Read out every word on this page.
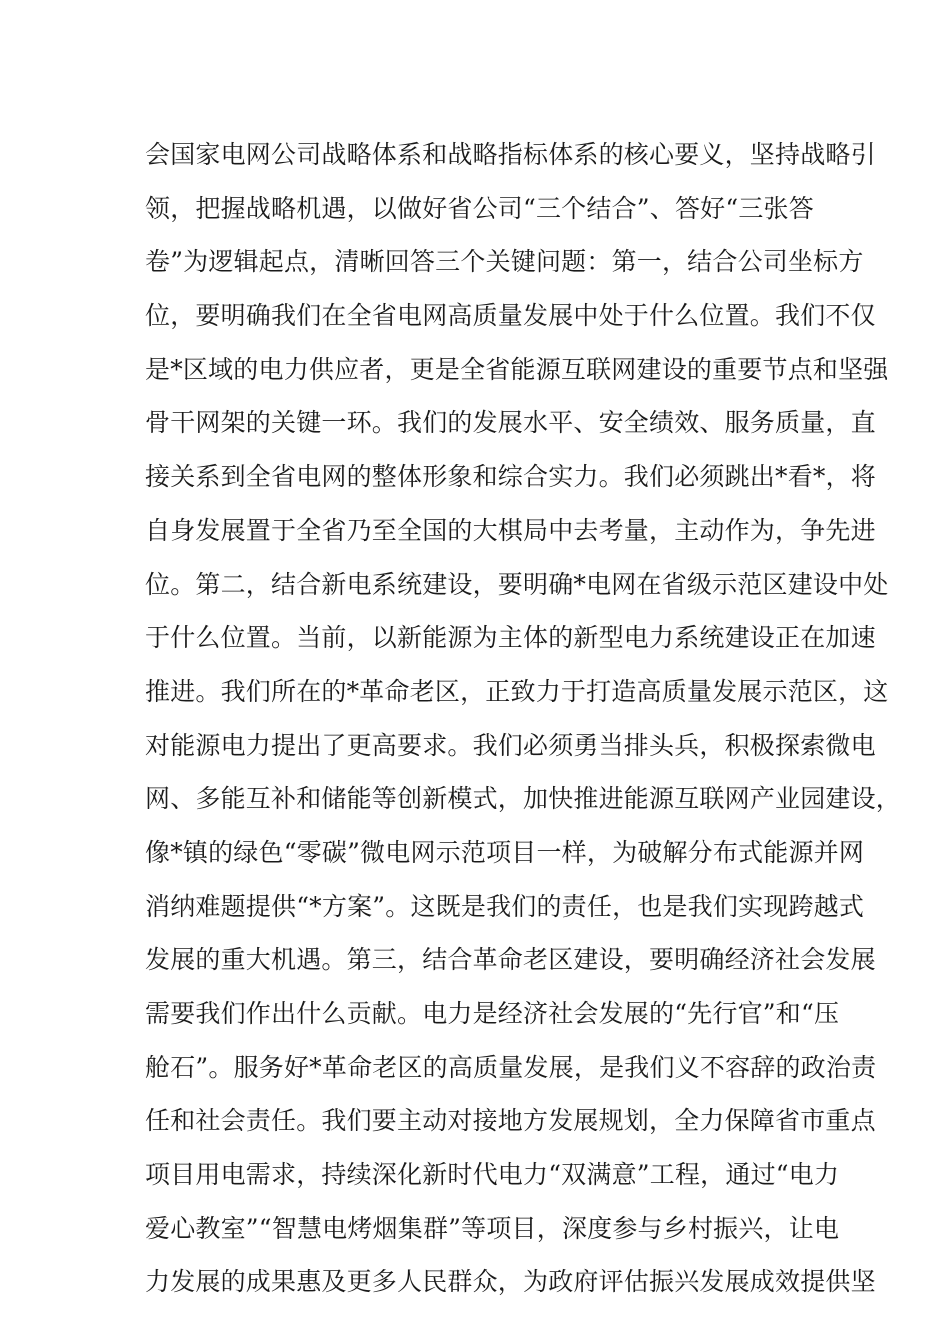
会国家电网公司战略体系和战略指标体系的核心要义，坚持战略引
领，把握战略机遇，以做好省公司“三个结合”、答好“三张答
卷”为逻辑起点，清晰回答三个关键问题：第一，结合公司坐标方
位，要明确我们在全省电网高质量发展中处于什么位置。我们不仅
是*区域的电力供应者，更是全省能源互联网建设的重要节点和坚强
骨干网架的关键一环。我们的发展水平、安全绩效、服务质量，直
接关系到全省电网的整体形象和综合实力。我们必须跳出*看*，将
自身发展置于全省乃至全国的大棋局中去考量，主动作为，争先进
位。第二，结合新电系统建设，要明确*电网在省级示范区建设中处
于什么位置。当前，以新能源为主体的新型电力系统建设正在加速
推进。我们所在的*革命老区，正致力于打造高质量发展示范区，这
对能源电力提出了更高要求。我们必须勇当排头兵，积极探索微电
网、多能互补和储能等创新模式，加快推进能源互联网产业园建设，
像*镇的绿色“零碳”微电网示范项目一样，为破解分布式能源并网
消纳难题提供“*方案”。这既是我们的责任，也是我们实现跨越式
发展的重大机遇。第三，结合革命老区建设，要明确经济社会发展
需要我们作出什么贡献。电力是经济社会发展的“先行官”和“压
舱石”。服务好*革命老区的高质量发展，是我们义不容辞的政治责
任和社会责任。我们要主动对接地方发展规划，全力保障省市重点
项目用电需求，持续深化新时代电力“双满意”工程，通过“电力
爱心教室”“智慧电烤烟集群”等项目，深度参与乡村振兴，让电
力发展的成果惠及更多人民群众，为政府评估振兴发展成效提供坚
